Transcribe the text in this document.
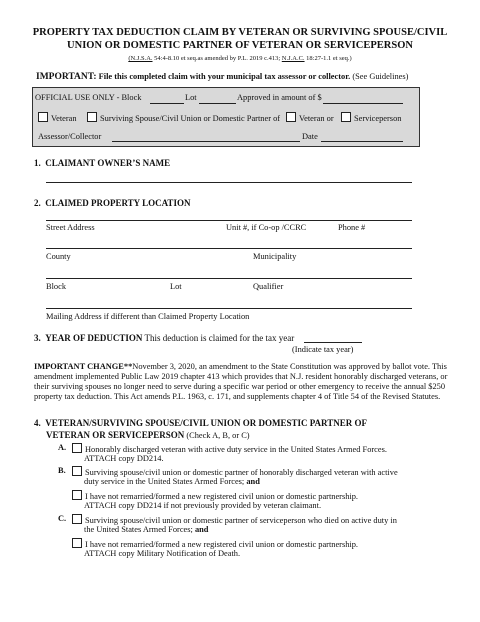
PROPERTY TAX DEDUCTION CLAIM BY VETERAN OR SURVIVING SPOUSE/CIVIL
UNION OR DOMESTIC PARTNER OF VETERAN OR SERVICEPERSON
(N.J.S.A. 54:4-8.10 et seq.as amended by P.L. 2019 c.413; N.J.A.C. 18:27-1.1 et seq.)
IMPORTANT: File this completed claim with your municipal tax assessor or collector. (See Guidelines)
OFFICIAL USE ONLY - Block	Lot	Approved in amount of $
Veteran	Surviving Spouse/Civil Union or Domestic Partner of	Veteran or	Serviceperson
Assessor/Collector	Date
1. CLAIMANT OWNER’S NAME
2. CLAIMED PROPERTY LOCATION
Street Address	Unit #, if Co-op /CCRC	Phone #
County	Municipality
Block	Lot	Qualifier
Mailing Address if different than Claimed Property Location
3. YEAR OF DEDUCTION This deduction is claimed for the tax year
(Indicate tax year)
IMPORTANT CHANGE**November 3, 2020, an amendment to the State Constitution was approved by ballot vote. This
amendment implemented Public Law 2019 chapter 413 which provides that N.J. resident honorably discharged veterans, or
their surviving spouses no longer need to serve during a specific war period or other emergency to receive the annual $250
property tax deduction. This Act amends P.L. 1963, c. 171, and supplements chapter 4 of Title 54 of the Revised Statutes.
4. VETERAN/SURVIVING SPOUSE/CIVIL UNION OR DOMESTIC PARTNER OF
VETERAN OR SERVICEPERSON (Check A, B, or C)
A.	Honorably discharged veteran with active duty service in the United States Armed Forces.
ATTACH copy DD214.
B.	Surviving spouse/civil union or domestic partner of honorably discharged veteran with active
duty service in the United States Armed Forces; and
I have not remarried/formed a new registered civil union or domestic partnership.
ATTACH copy DD214 if not previously provided by veteran claimant.
C.	Surviving spouse/civil union or domestic partner of serviceperson who died on active duty in
the United States Armed Forces; and
I have not remarried/formed a new registered civil union or domestic partnership.
ATTACH copy Military Notification of Death.
